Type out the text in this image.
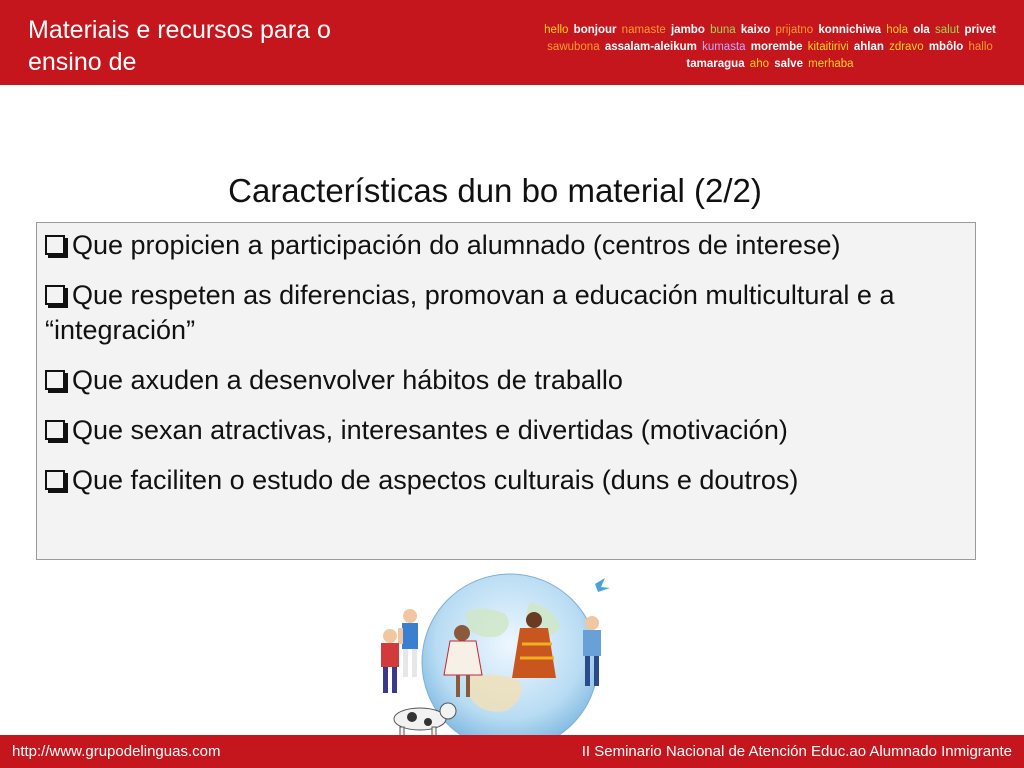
Materiais e recursos para o ensino de
hello bonjour namaste jambo buna kaixo prijatno konnichiwa hola ola salut privet sawubona assalam-aleikum kumasta morembe kitaitirivi ahlan zdravo mbôlo hallo tamaragua aho salve merhaba
Características dun bo material (2/2)
Que propicien a participación do alumnado (centros de interese)
Que respeten as diferencias, promovan a educación multicultural e a “integración”
Que axuden a desenvolver hábitos de traballo
Que sexan atractivas, interesantes e divertidas (motivación)
Que faciliten o estudo de aspectos culturais (duns e doutros)
http://www.grupodelinguas.com	II Seminario Nacional de Atención Educ.ao Alumnado Inmigrante
